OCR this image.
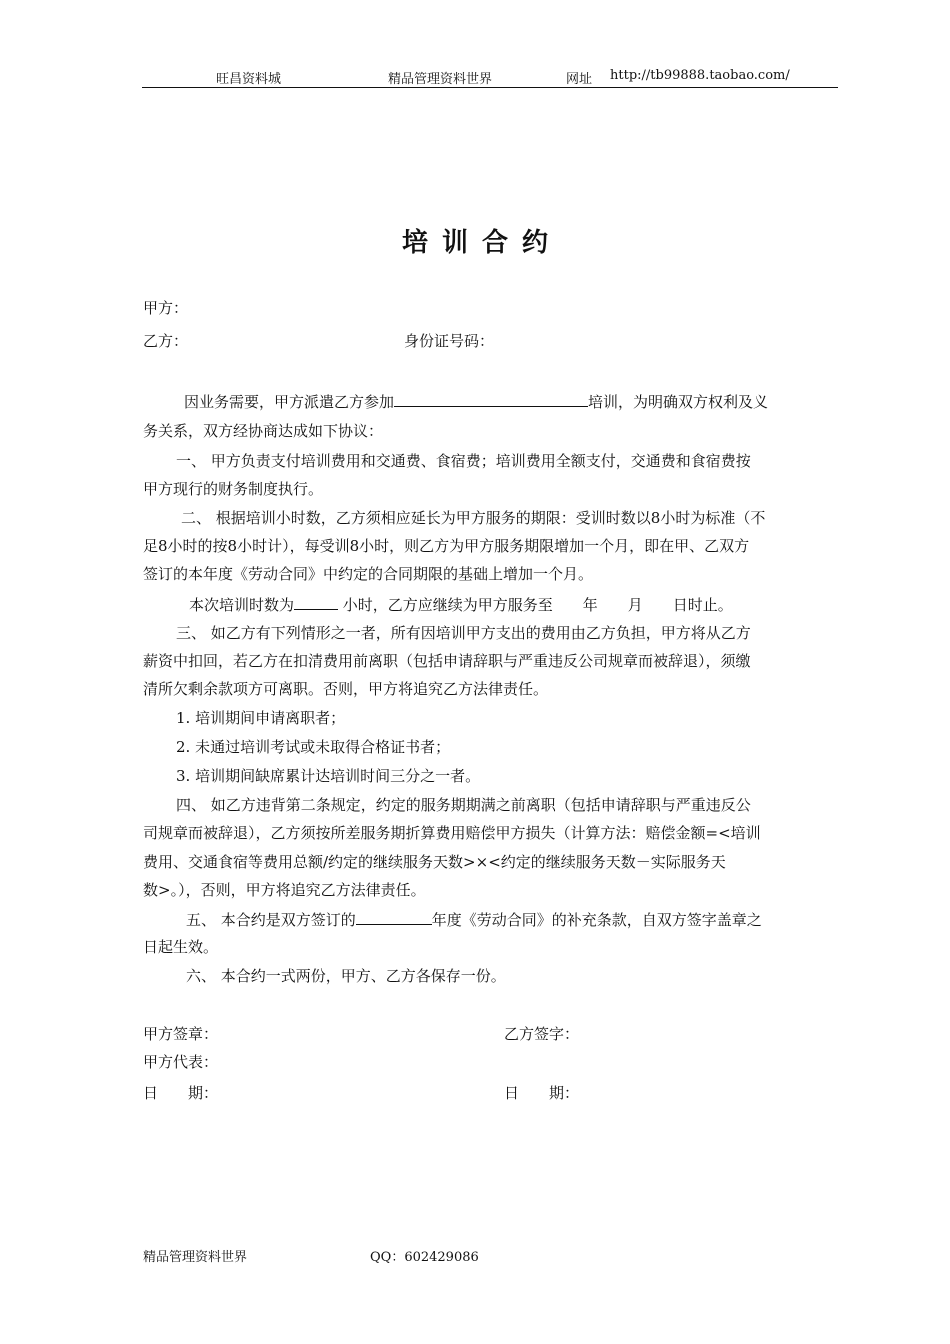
旺昌资料城	精品管理资料世界	网址 http://tb99888.taobao.com/
培训合约
甲方：
乙方：	身份证号码：
因业务需要，甲方派遣乙方参加	培训，为明确双方权利及义
务关系，双方经协商达成如下协议：
一、 甲方负责支付培训费用和交通费、食宿费；培训费用全额支付，交通费和食宿费按
甲方现行的财务制度执行。
二、 根据培训小时数，乙方须相应延长为甲方服务的期限：受训时数以8小时为标准（不
足8小时的按8小时计），每受训8小时，则乙方为甲方服务期限增加一个月，即在甲、乙双方
签订的本年度《劳动合同》中约定的合同期限的基础上增加一个月。
本次培训时数为	小时，乙方应继续为甲方服务至　　年　　月　　日时止。
三、 如乙方有下列情形之一者，所有因培训甲方支出的费用由乙方负担，甲方将从乙方
薪资中扣回，若乙方在扣清费用前离职（包括申请辞职与严重违反公司规章而被辞退），须缴
清所欠剩余款项方可离职。否则，甲方将追究乙方法律责任。
1. 培训期间申请离职者；
2. 未通过培训考试或未取得合格证书者；
3. 培训期间缺席累计达培训时间三分之一者。
四、 如乙方违背第二条规定，约定的服务期期满之前离职（包括申请辞职与严重违反公
司规章而被辞退），乙方须按所差服务期折算费用赔偿甲方损失（计算方法：赔偿金额=<培训
费用、交通食宿等费用总额/约定的继续服务天数>×<约定的继续服务天数－实际服务天
数>。），否则，甲方将追究乙方法律责任。
五、 本合约是双方签订的	年度《劳动合同》的补充条款，自双方签字盖章之
日起生效。
六、 本合约一式两份，甲方、乙方各保存一份。
甲方签章：	乙方签字：
甲方代表：
日　　期：	日　　期：
精品管理资料世界	QQ：602429086
